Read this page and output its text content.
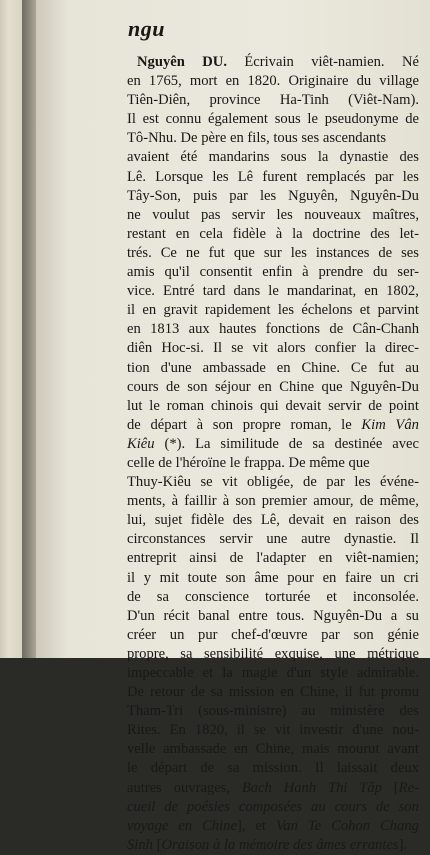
ngu
Nguyên DU. Écrivain viêt-namien. Né
en 1765, mort en 1820. Originaire du village
Tiên-Diên, province Ha-Tinh (Viêt-Nam).
Il est connu également sous le pseudonyme de
Tô-Nhu.
De
père
en
fils,
tous
ses
ascendants
avaient été mandarins sous la dynastie des
Lê. Lorsque les Lê furent remplacés par les
Tây-Son, puis par les Nguyên, Nguyên-Du
ne voulut pas servir les nouveaux maîtres,
restant en cela fidèle à la doctrine des let-
trés. Ce ne fut que sur les instances de ses
amis qu'il consentit enfin à prendre du ser-
vice. Entré tard dans le mandarinat, en 1802,
il en gravit rapidement les échelons et parvint
en 1813 aux hautes fonctions de Cân-Chanh
diên Hoc-si. Il se vit alors confier la direc-
tion d'une ambassade en Chine. Ce fut au
cours de son séjour en Chine que Nguyên-Du
lut le roman chinois qui devait servir de point
de départ à son propre roman, le Kim Vân
Kiêu (*). La similitude de sa destinée avec
celle
de
l'héroïne
le
frappa.
De
même
que
Thuy-Kiêu se vit obligée, de par les événe-
ments, à faillir à son premier amour, de même,
lui, sujet fidèle des Lê, devait en raison des
circonstances servir une autre dynastie. Il
entreprit ainsi de l'adapter en viêt-namien;
il y mit toute son âme pour en faire un cri
de sa conscience torturée et inconsolée.
D'un récit banal entre tous. Nguyên-Du a su
créer un pur chef-d'œuvre par son génie
propre, sa sensibilité exquise, une métrique
impeccable et la magie d'un style admirable.
De retour de sa mission en Chine, il fut promu
Tham-Tri (sous-ministre) au ministère des
Rites. En 1820, il se vit investir d'une nou-
velle ambassade en Chine, mais mourut avant
le départ de sa mission. Il laissait deux
autres ouvrages, Bach Hanh Thi Tâp [Re-
cueil de poésies composées au cours de son
voyage en Chine], et Van Te Cohon Chang
Sinh
[Oraison
à
la
mémoire
des
âmes
errantes].
